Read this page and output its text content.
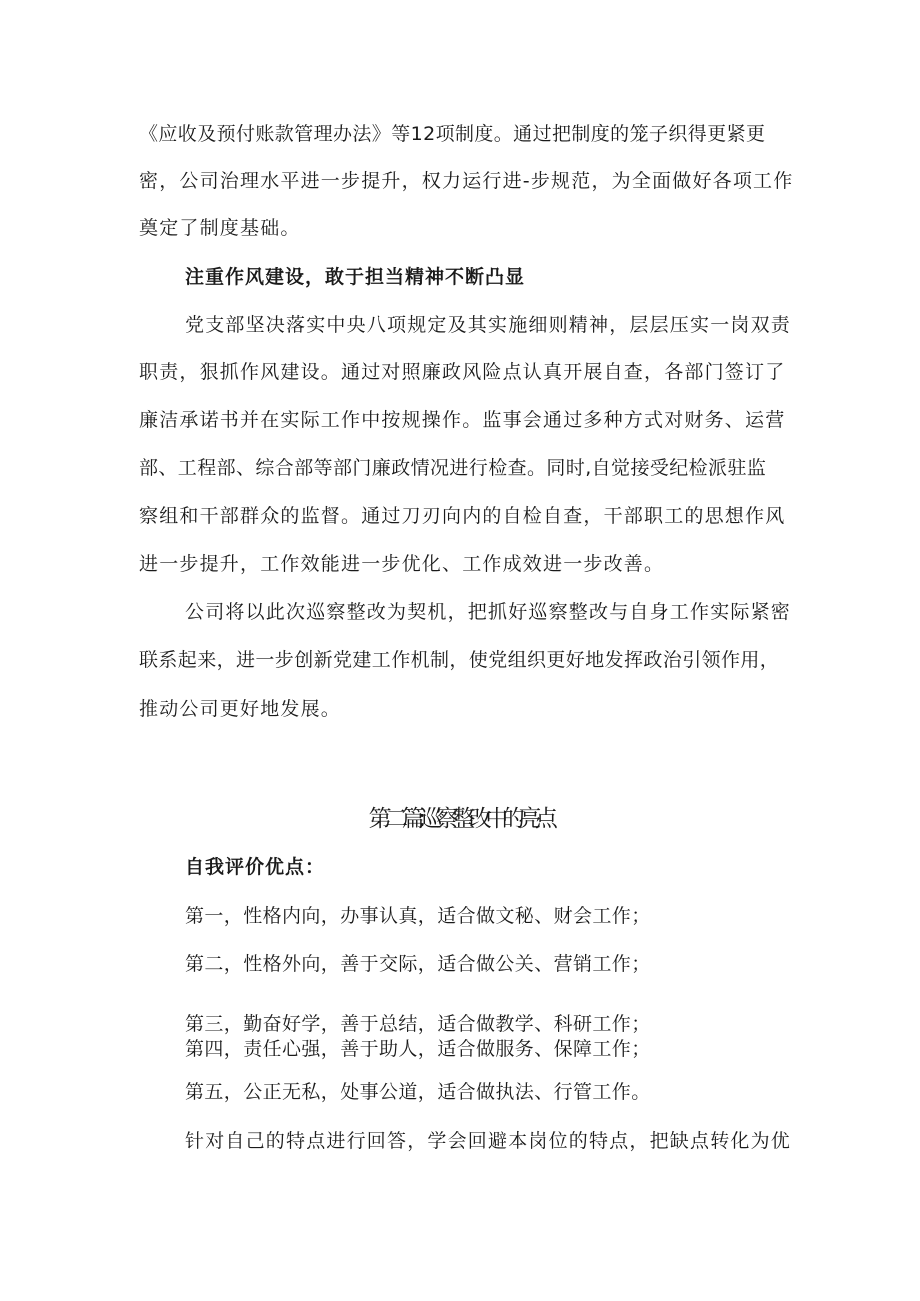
《应收及预付账款管理办法》等12项制度。通过把制度的笼子织得更紧更
密，公司治理水平进一步提升，权力运行进-步规范，为全面做好各项工作
奠定了制度基础。
注重作风建设，敢于担当精神不断凸显
党支部坚决落实中央八项规定及其实施细则精神，层层压实一岗双责
职责，狠抓作风建设。通过对照廉政风险点认真开展自查，各部门签订了
廉洁承诺书并在实际工作中按规操作。监事会通过多种方式对财务、运营
部、工程部、综合部等部门廉政情况进行检查。同时,自觉接受纪检派驻监
察组和干部群众的监督。通过刀刃向内的自检自查，干部职工的思想作风
进一步提升，工作效能进一步优化、工作成效进一步改善。
公司将以此次巡察整改为契机，把抓好巡察整改与自身工作实际紧密
联系起来，进一步创新党建工作机制，使党组织更好地发挥政治引领作用，
推动公司更好地发展。
第二篇:巡察整改中的亮点
自我评价优点：
第一，性格内向，办事认真，适合做文秘、财会工作；
第二，性格外向，善于交际，适合做公关、营销工作；
第三，勤奋好学，善于总结，适合做教学、科研工作；
第四，责任心强，善于助人，适合做服务、保障工作；
第五，公正无私，处事公道，适合做执法、行管工作。
针对自己的特点进行回答，学会回避本岗位的特点，把缺点转化为优
